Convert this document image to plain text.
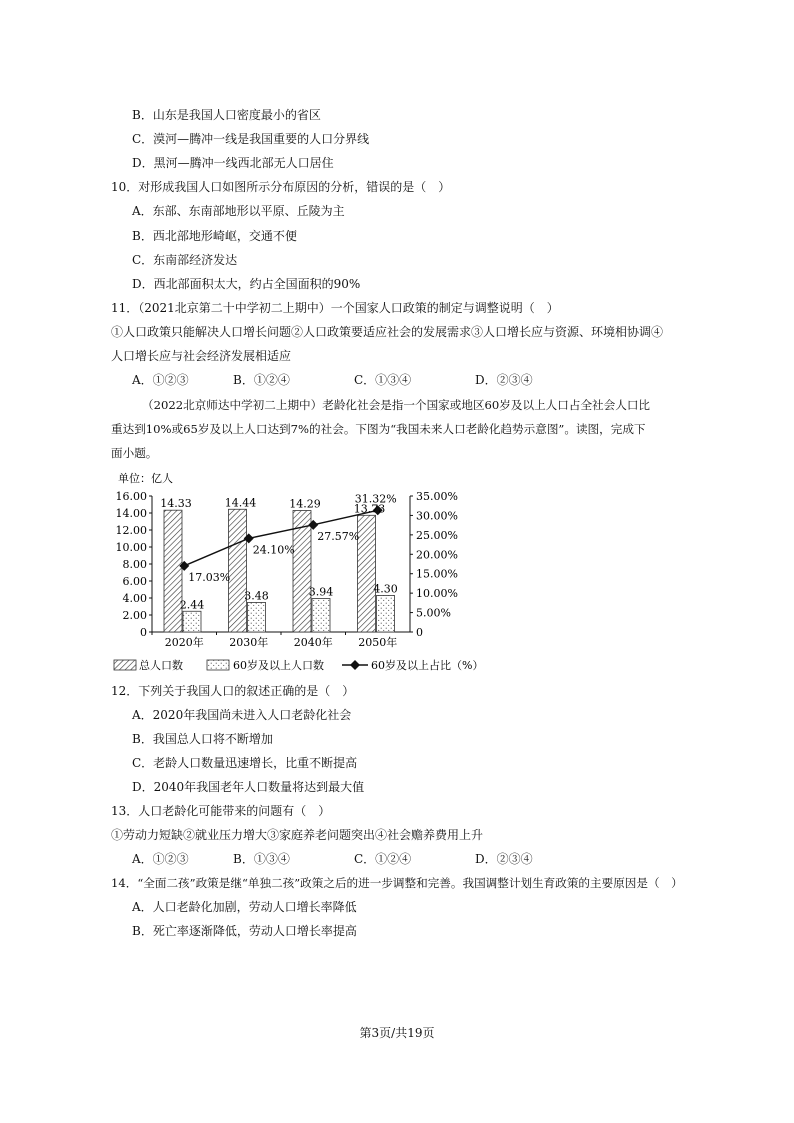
B．山东是我国人口密度最小的省区
C．漠河—腾冲一线是我国重要的人口分界线
D．黑河—腾冲一线西北部无人口居住
10．对形成我国人口如图所示分布原因的分析，错误的是（　）
A．东部、东南部地形以平原、丘陵为主
B．西北部地形崎岖，交通不便
C．东南部经济发达
D．西北部面积太大，约占全国面积的90%
11．（2021北京第二十中学初二上期中）一个国家人口政策的制定与调整说明（　）
①人口政策只能解决人口增长问题②人口政策要适应社会的发展需求③人口增长应与资源、环境相协调④
人口增长应与社会经济发展相适应
A．①②③	B．①②④	C．①③④	D．②③④
（2022北京师达中学初二上期中）老龄化社会是指一个国家或地区60岁及以上人口占全社会人口比
重达到10%或65岁及以上人口达到7%的社会。下图为“我国未来人口老龄化趋势示意图”。读图，完成下
面小题。
单位：亿人
0
2.00
4.00
6.00
8.00
10.00
12.00
14.00
16.00
0
5.00%
10.00%
15.00%
20.00%
25.00%
30.00%
35.00%
2020年 2030年 2040年 2050年
14.33
2.44
14.44
3.48
14.29
3.94
13.73
4.30
17.03%
24.10%
27.57%
31.32%
总人口数	60岁及以上人口数	60岁及以上占比（%）
12．下列关于我国人口的叙述正确的是（　）
A．2020年我国尚未进入人口老龄化社会
B．我国总人口将不断增加
C．老龄人口数量迅速增长，比重不断提高
D．2040年我国老年人口数量将达到最大值
13．人口老龄化可能带来的问题有（　）
①劳动力短缺②就业压力增大③家庭养老问题突出④社会赡养费用上升
A．①②③	B．①③④	C．①②④	D．②③④
14．“全面二孩”政策是继“单独二孩”政策之后的进一步调整和完善。我国调整计划生育政策的主要原因是（　）
A．人口老龄化加剧，劳动人口增长率降低
B．死亡率逐渐降低，劳动人口增长率提高
第3页/共19页
